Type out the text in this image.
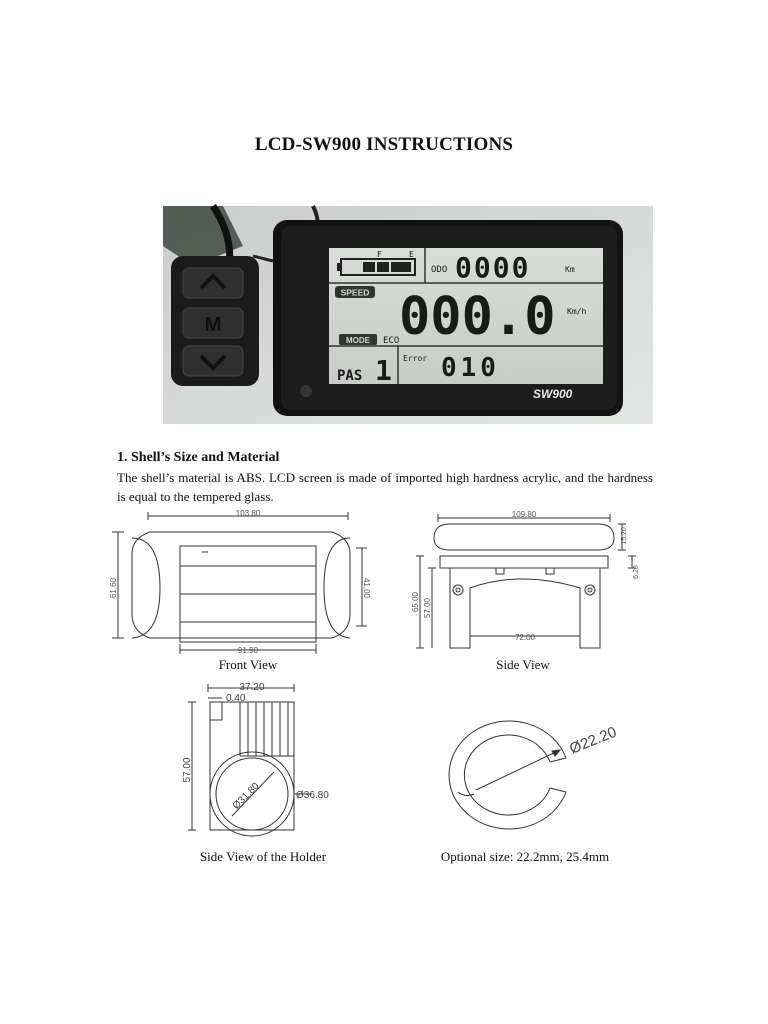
LCD-SW900 INSTRUCTIONS
M
F	E
ODO 0000	Km
SPEED 000.0 Km/h
MODE ECO
PAS 1 Error 010
SW900
1. Shell’s Size and Material
The shell’s material is ABS. LCD screen is made of imported high hardness acrylic, and the hardness is equal to the tempered glass.
103.80
61.60	41.00
91.90
Front View
109.80
15.20
6.20
65.00 57.00
72.00
Side View
37.20
0.40
57.00
Ø31.80	Ø36.80
Side View of the Holder
Ø22.20
Optional size: 22.2mm, 25.4mm
